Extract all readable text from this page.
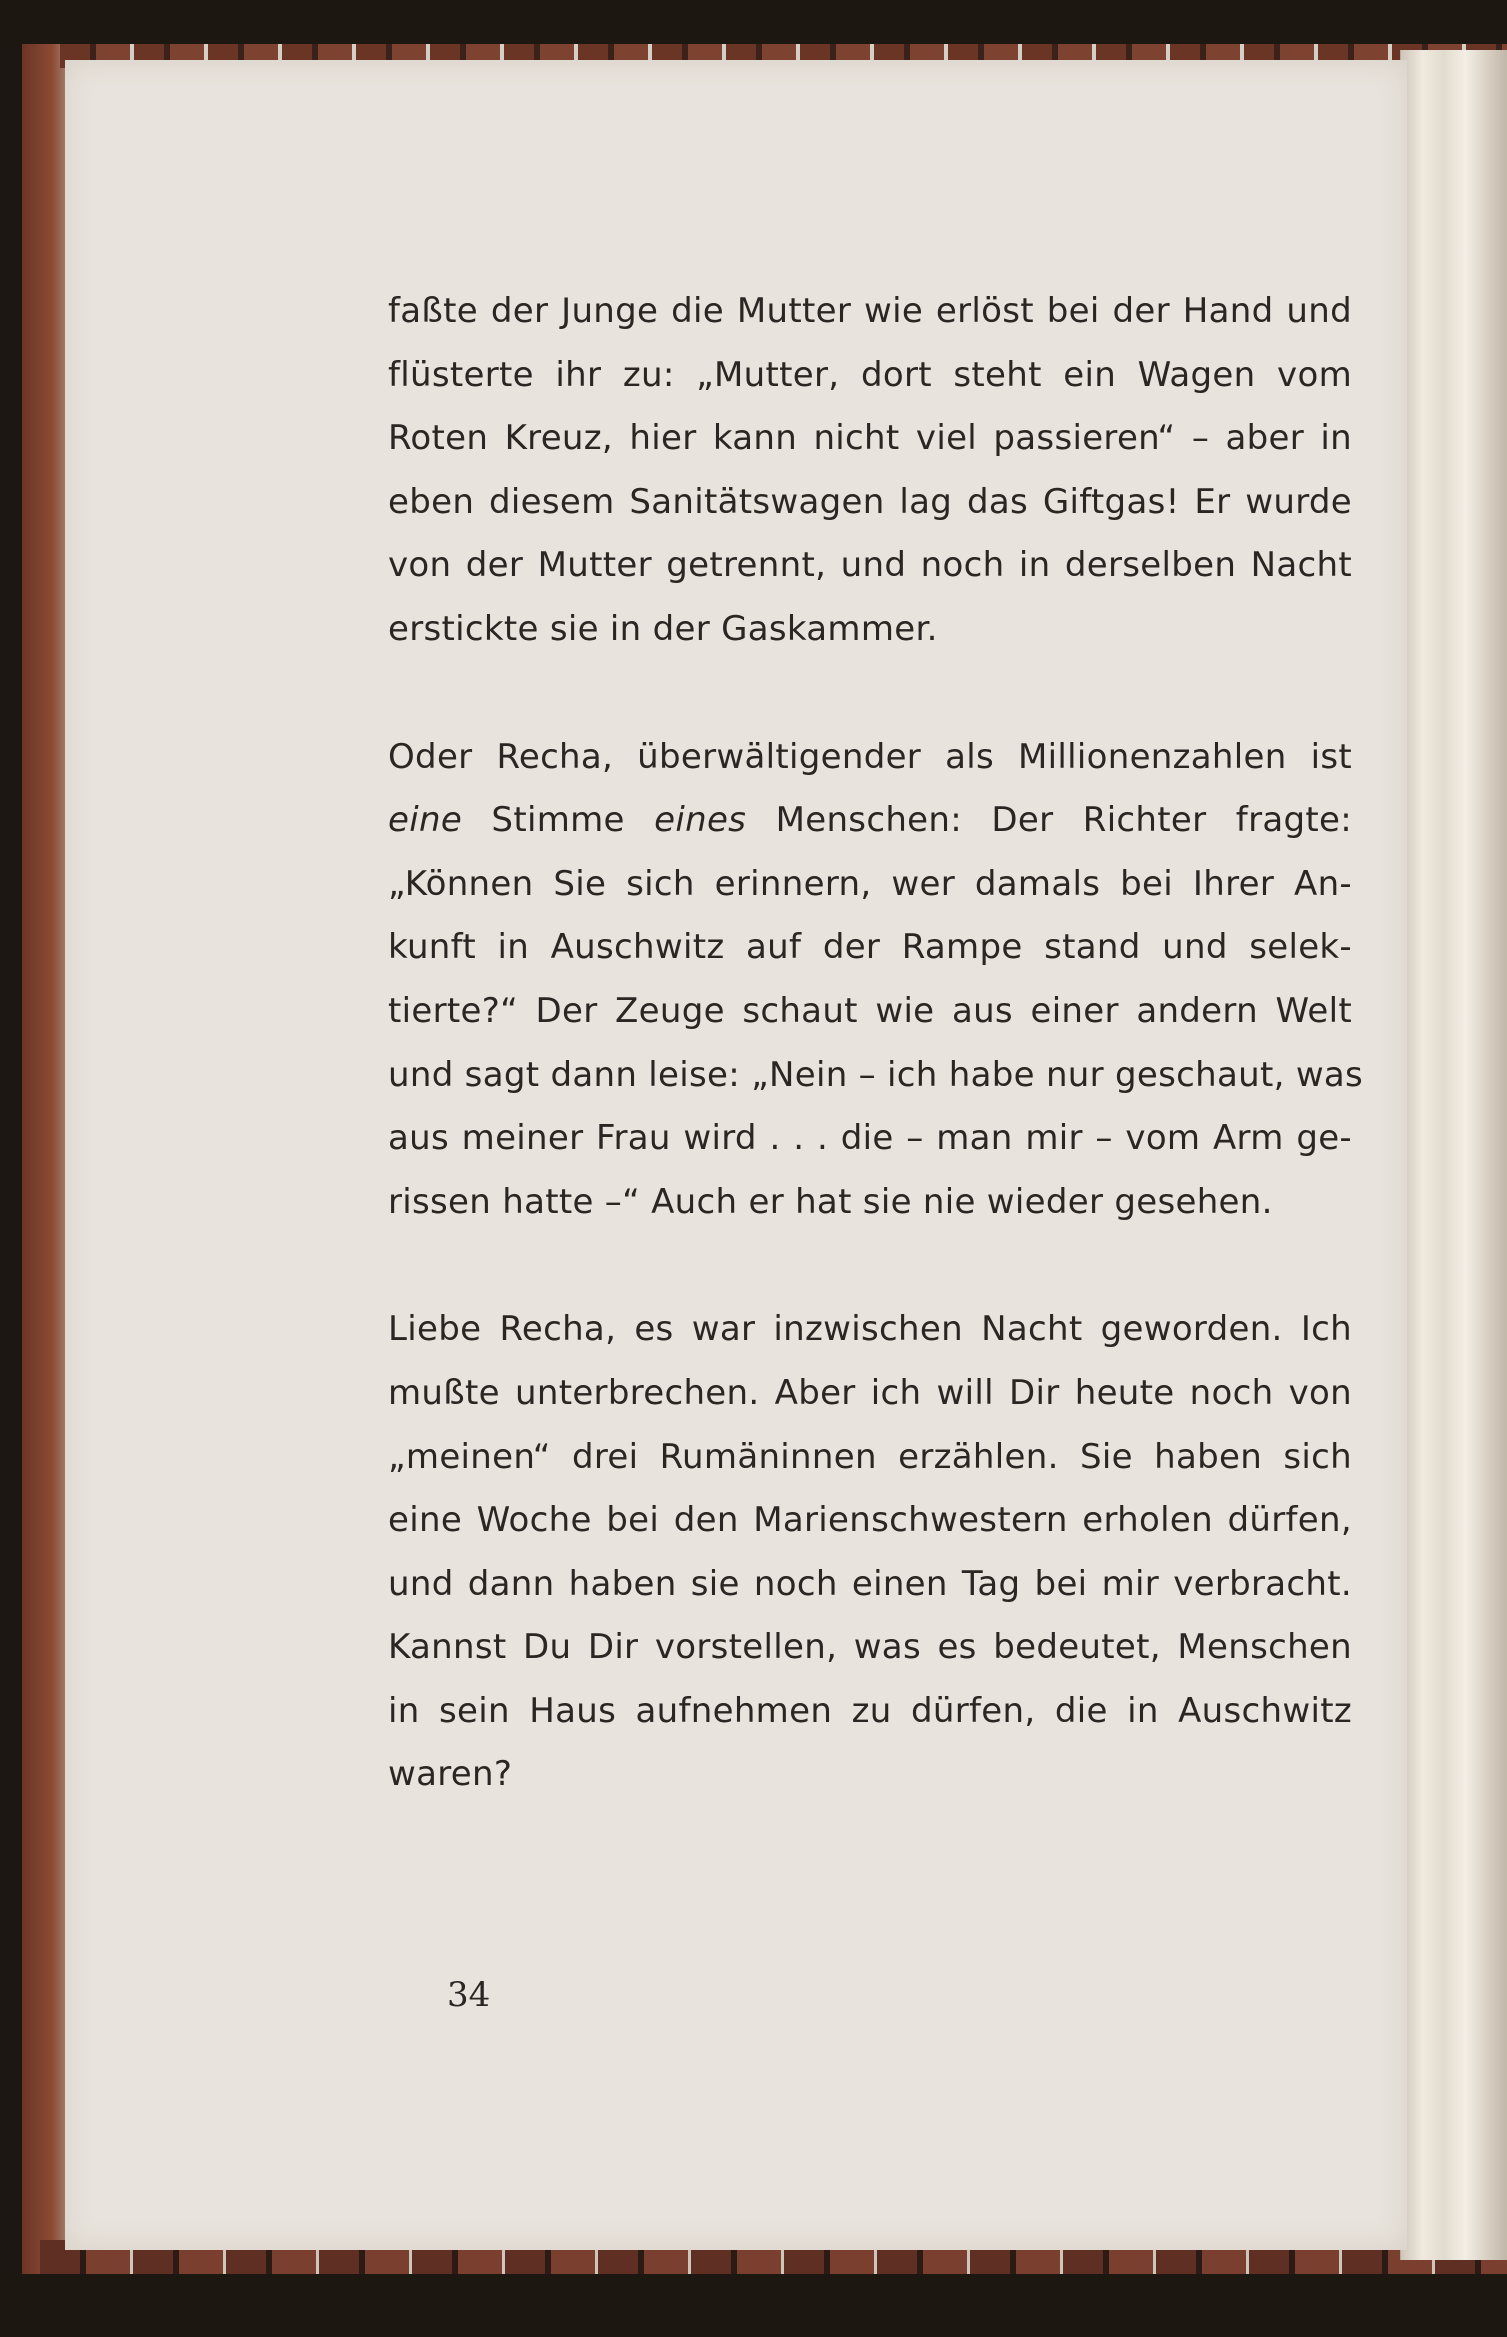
faßte der Junge die Mutter wie erlöst bei der Hand und
flüsterte ihr zu: „Mutter, dort steht ein Wagen vom
Roten Kreuz, hier kann nicht viel passieren“ – aber in
eben diesem Sanitätswagen lag das Giftgas! Er wurde
von der Mutter getrennt, und noch in derselben Nacht
erstickte sie in der Gaskammer.

Oder Recha, überwältigender als Millionenzahlen ist
eine Stimme eines Menschen: Der Richter fragte:
„Können Sie sich erinnern, wer damals bei Ihrer An-
kunft in Auschwitz auf der Rampe stand und selek-
tierte?“ Der Zeuge schaut wie aus einer andern Welt
und sagt dann leise: „Nein – ich habe nur geschaut, was
aus meiner Frau wird . . . die – man mir – vom Arm ge-
rissen hatte –“ Auch er hat sie nie wieder gesehen.

Liebe Recha, es war inzwischen Nacht geworden. Ich
mußte unterbrechen. Aber ich will Dir heute noch von
„meinen“ drei Rumäninnen erzählen. Sie haben sich
eine Woche bei den Marienschwestern erholen dürfen,
und dann haben sie noch einen Tag bei mir verbracht.
Kannst Du Dir vorstellen, was es bedeutet, Menschen
in sein Haus aufnehmen zu dürfen, die in Auschwitz
waren?

34
